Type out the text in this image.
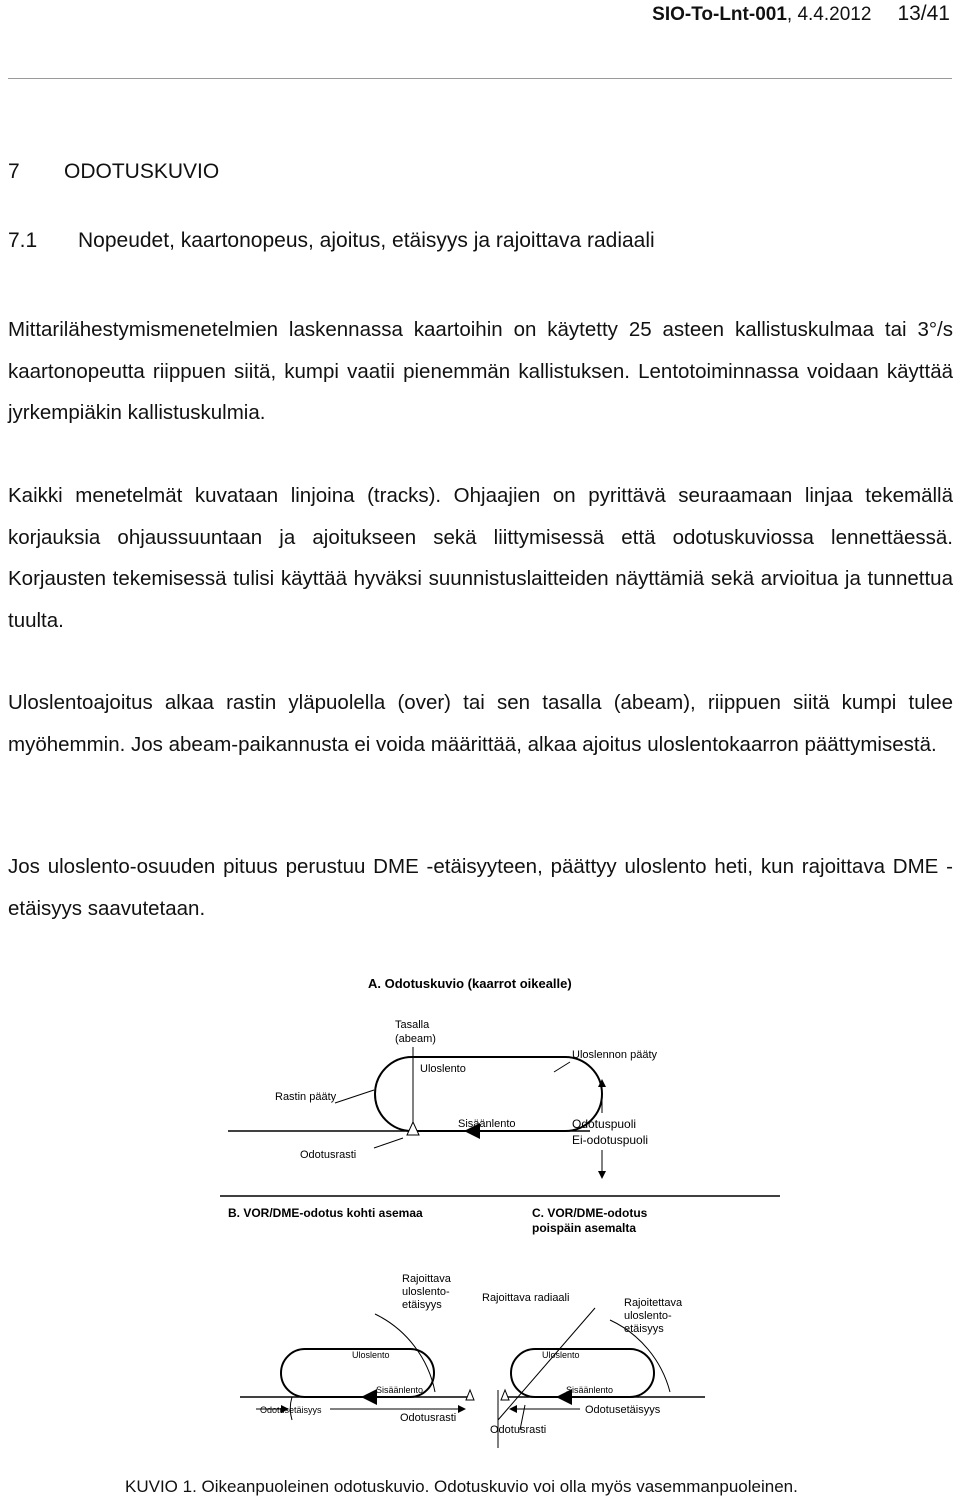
SIO-To-Lnt-001, 4.4.2012 13/41
7 ODOTUSKUVIO
7.1 Nopeudet, kaartonopeus, ajoitus, etäisyys ja rajoittava radiaali

Mittarilähestymismenetelmien laskennassa kaartoihin on käytetty 25 asteen kallistuskulmaa tai 3°/s kaartonopeutta riippuen siitä, kumpi vaatii pienemmän kallistuksen. Lentotoiminnassa voidaan käyttää jyrkempiäkin kallistuskulmia.

Kaikki menetelmät kuvataan linjoina (tracks). Ohjaajien on pyrittävä seuraamaan linjaa tekemällä korjauksia ohjaussuuntaan ja ajoitukseen sekä liittymisessä että odotuskuviossa lennettäessä. Korjausten tekemisessä tulisi käyttää hyväksi suunnistuslaitteiden näyttämiä sekä arvioitua ja tunnettua tuulta.

Uloslentoajoitus alkaa rastin yläpuolella (over) tai sen tasalla (abeam), riippuen siitä kumpi tulee myöhemmin. Jos abeam-paikannusta ei voida määrittää, alkaa ajoitus uloslentokaarron päättymisestä.

Jos uloslento-osuuden pituus perustuu DME -etäisyyteen, päättyy uloslento heti, kun rajoittava DME -etäisyys saavutetaan.

A. Odotuskuvio (kaarrot oikealle)
Tasalla
(abeam)
Uloslento
Uloslennon pääty
Rastin pääty
Sisäänlento
Odotusrasti
Odotuspuoli
Ei-odotuspuoli
B. VOR/DME-odotus kohti asemaa
Rajoittava
uloslento-
etäisyys
Uloslento
Sisäänlento
Odotusetäisyys
Odotusrasti
C. VOR/DME-odotus
poispäin asemalta
Rajoittava radiaali	Rajoitettava
uloslento-
etäisyys
Uloslento
Sisäänlento
Odotusetäisyys
Odotusrasti
KUVIO 1. Oikeanpuoleinen odotuskuvio. Odotuskuvio voi olla myös vasemmanpuoleinen.
